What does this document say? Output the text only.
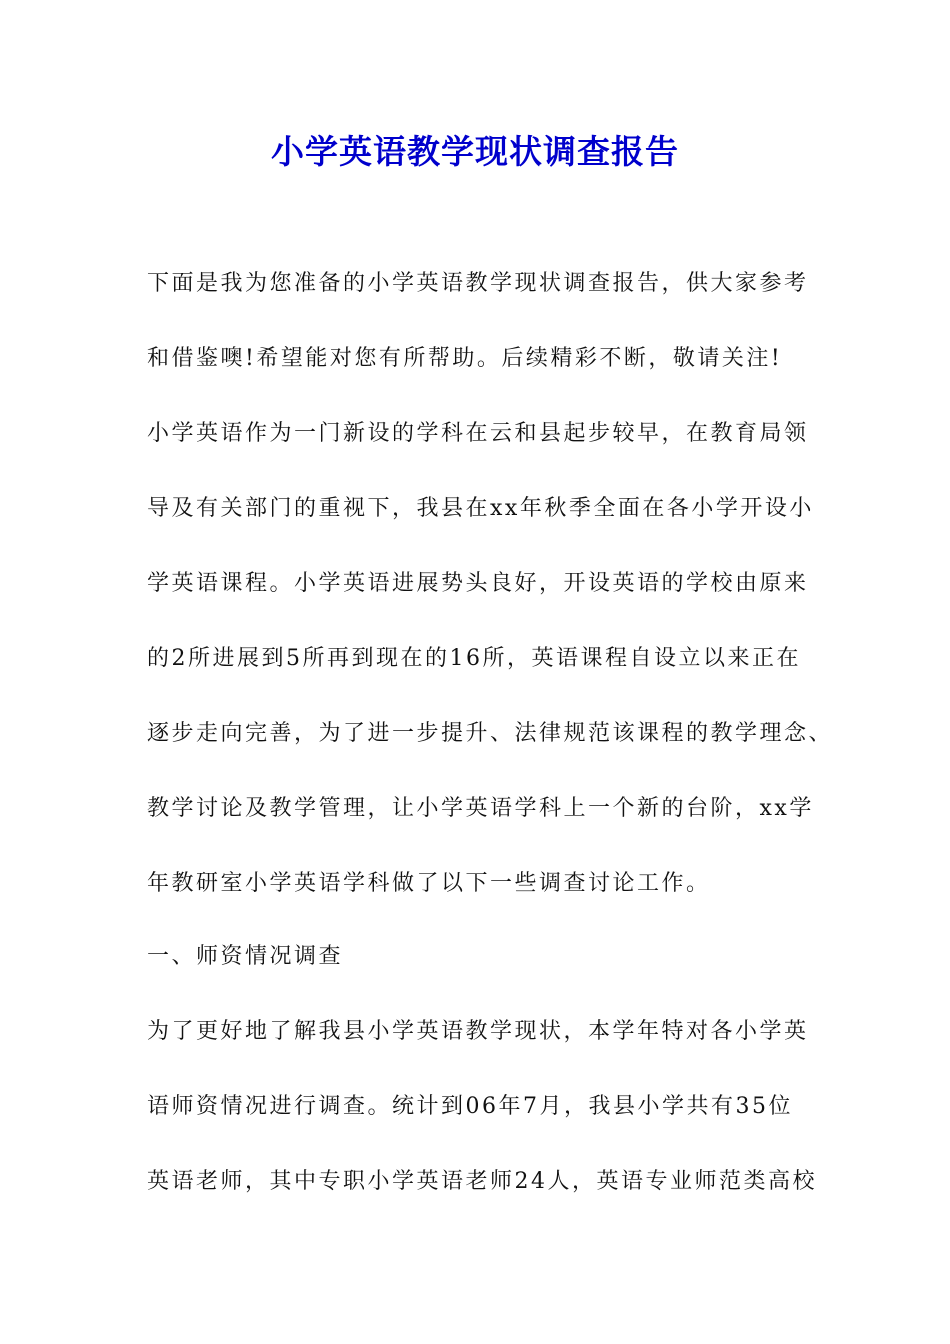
小学英语教学现状调查报告
下面是我为您准备的小学英语教学现状调查报告，供大家参考
和借鉴噢!希望能对您有所帮助。后续精彩不断，敬请关注!
小学英语作为一门新设的学科在云和县起步较早，在教育局领
导及有关部门的重视下，我县在xx年秋季全面在各小学开设小
学英语课程。小学英语进展势头良好，开设英语的学校由原来
的2所进展到5所再到现在的16所，英语课程自设立以来正在
逐步走向完善，为了进一步提升、法律规范该课程的教学理念、
教学讨论及教学管理，让小学英语学科上一个新的台阶，xx学
年教研室小学英语学科做了以下一些调查讨论工作。
一、师资情况调查
为了更好地了解我县小学英语教学现状，本学年特对各小学英
语师资情况进行调查。统计到06年7月，我县小学共有35位
英语老师，其中专职小学英语老师24人，英语专业师范类高校
